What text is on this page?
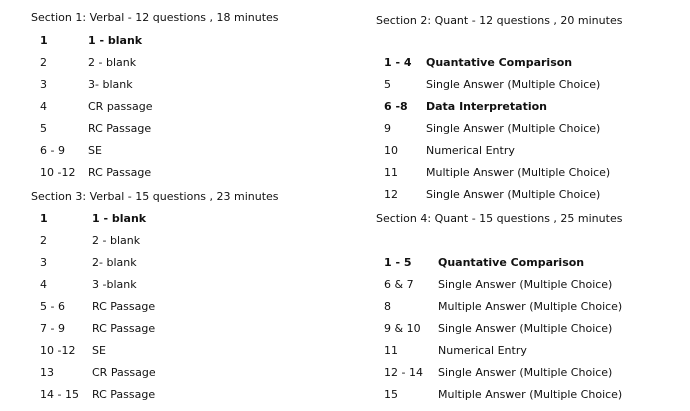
Section 1: Verbal - 12 questions , 18 minutes
1	1 - blank
2	2 - blank
3	3- blank
4	CR passage
5	RC Passage
6 - 9 SE
10 -12 RC Passage
Section 2: Quant - 12 questions , 20 minutes
1 - 4 Quantative Comparison
5	Single Answer (Multiple Choice)
6 -8 Data Interpretation
9	Single Answer (Multiple Choice)
10	Numerical Entry
11	Multiple Answer (Multiple Choice)
12	Single Answer (Multiple Choice)
Section 3: Verbal - 15 questions , 23 minutes
1	1 - blank
2	2 - blank
3	2- blank
4	3 -blank
5 - 6 RC Passage
7 - 9 RC Passage
10 -12 SE
13	CR Passage
14 - 15 RC Passage
Section 4: Quant - 15 questions , 25 minutes
1 - 5 Quantative Comparison
6 & 7 Single Answer (Multiple Choice)
8	Multiple Answer (Multiple Choice)
9 & 10 Single Answer (Multiple Choice)
11	Numerical Entry
12 - 14 Single Answer (Multiple Choice)
15	Multiple Answer (Multiple Choice)
